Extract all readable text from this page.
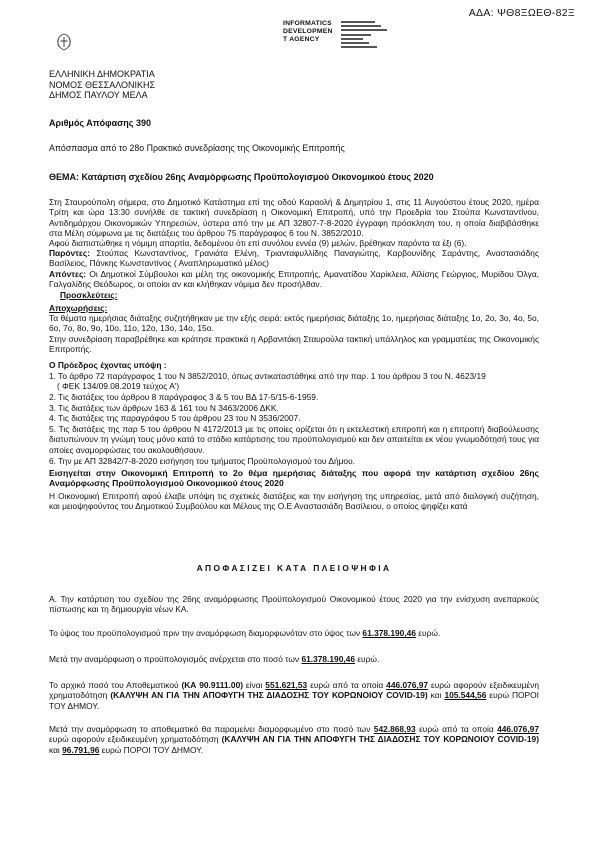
ΑΔΑ: ΨΘ8ΞΩΕΘ-82Ξ
INFORMATICS
DEVELOPMEN
T AGENCY
ΕΛΛΗΝΙΚΗ ΔΗΜΟΚΡΑΤΙΑ
ΝΟΜΟΣ ΘΕΣΣΑΛΟΝΙΚΗΣ
ΔΗΜΟΣ ΠΑΥΛΟΥ ΜΕΛΑ
Αριθμός Απόφασης 390
Απόσπασμα από το 28ο Πρακτικό συνεδρίασης της Οικονομικής Επιτροπής
ΘΕΜΑ: Κατάρτιση σχεδίου 26ης Αναμόρφωσης Προϋπολογισμού Οικονομικού έτους 2020
Στη Σταυρούπολη σήμερα, στο Δημοτικό Κατάστημα επί της οδού Καραολή & Δημητρίου 1, στις 11 Αυγούστου έτους 2020, ημέρα Τρίτη και ώρα 13:30 συνήλθε σε τακτική συνεδρίαση η Οικονομική Επιτροπή, υπό την Προεδρία του Στούπα Κωνσταντίνου, Αντιδημάρχου Οικονομικών Υπηρεσιών, ύστερα από την με ΑΠ 32807-7-8-2020 έγγραφη πρόσκληση του, η οποία διαβιβάσθηκε στα Μέλη σύμφωνα με τις διατάξεις του άρθρου 75 παράγραφος 6 του Ν. 3852/2010.
Αφού διαπιστώθηκε η νόμιμη απαρτία, δεδομένου ότι επί συνόλου εννέα (9) μελών, βρέθηκαν παρόντα τα έξι (6).
Παρόντες: Στούπας Κωνσταντίνος, Γρανιάτα Ελένη, Τριανταφυλλίδης Παναγιώτης, Καρβουνίδης Σαράντης, Αναστασιάδης Βασίλειος, Πάνκης Κωνσταντίνος ( Αναπληρωματικό μέλος)
Απόντες: Οι Δημοτικοί Σύμβουλοι και μέλη της οικονομικής Επιτροπής, Αμανατίδου Χαρίκλεια, Αϊλίσης Γεώργιος, Μυρίδου Όλγα, Γαλγαλίδης Θεόδωρος, οι οποίοι αν και κλήθηκαν νόμιμα δεν προσήλθαν.
Προσκλεύτεις:
Αποχωρήσεις:
Τα θέματα ημερήσιας διάταξης συζητήθηκαν με την εξής σειρά: εκτός ημερήσιας διάταξης 1ο, ημερήσιας διάταξης 1ο, 2ο, 3ο, 4ο, 5ο, 6ο, 7ο, 8ο, 9ο, 10ο, 11ο, 12ο, 13ο, 14ο, 15ο.
Στην συνεδρίαση παραβρέθηκε και κράτησε πρακτικά η Αρβανιτάκη Σταυρούλα τακτική υπάλληλος και γραμματέας της Οικονομικής Επιτροπής.
Ο Πρόεδρος έχοντας υπόψη :
1. Το άρθρο 72 παράγραφος 1 του Ν 3852/2010, όπως αντικαταστάθηκε από την παρ. 1 του άρθρου 3 του Ν. 4623/19
( ΦΕΚ 134/09.08.2019 τεύχος Α')
2. Τις διατάξεις του άρθρου 8 παράγραφος 3 & 5 του ΒΔ 17-5/15-6-1959.
3. Τις διατάξεις των άρθρων 163 & 161 του Ν 3463/2006 ΔΚΚ.
4. Τις διατάξεις της παραγράφου 5 του άρθρου 23 του Ν 3536/2007.
5. Τις διατάξεις της παρ 5 του άρθρου Ν 4172/2013 με τις οποίες ορίζεται ότι η εκτελεστική επιτροπή και η επιτροπή διαβούλευσης διατυπώνουν τη γνώμη τους μόνο κατά το στάδιο κατάρτισης του προϋπολογισμού και δεν απαιτείται εκ νέου γνωμοδότησή τους για οποίες αναμορφώσεις του ακολουθήσουν.
6. Την με ΑΠ 32842/7-8-2020 εισήγηση του τμήματος Προϋπολογισμού του Δήμου.
Εισηγείται στην Οικονομική Επιτροπή το 2ο θέμα ημερήσιας διάταξης που αφορά την κατάρτιση σχεδίου 26ης Αναμόρφωσης Προϋπολογισμού Οικονομικού έτους 2020
Η Οικονομική Επιτροπή αφού έλαβε υπόψη τις σχετικές διατάξεις και την εισήγηση της υπηρεσίας, μετά από διαλογική συζήτηση, και μειοψηφούντος του Δημοτικού Συμβούλου και Μέλους της Ο.Ε Αναστασιάδη Βασίλειου, ο οποίος ψηφίζει κατά
ΑΠΟΦΑΣΙΖΕΙ ΚΑΤΑ ΠΛΕΙΟΨΗΦΙΑ
Α. Την κατάρτιση του σχεδίου της 26ης αναμόρφωσης Προϋπολογισμού Οικονομικού έτους 2020 για την ενίσχυση ανεπαρκούς πίστωσης και τη δημιουργία νέων ΚΑ.
Το ύψος του προϋπολογισμού πριν την αναμόρφωση διαμορφωνόταν στο ύψος των 61.378.190,46 ευρώ.
Μετά την αναμόρφωση ο προϋπολογισμός ανέρχεται στο ποσό των 61.378.190,46 ευρώ.
Το αρχικό ποσό του Αποθεματικού (ΚΑ 90.9111.00) είναι 551.621,53 ευρώ από τα οποία 446.076,97 ευρώ αφορούν εξειδικευμένη χρηματοδότηση (ΚΑΛΥΨΗ ΑΝ ΓΙΑ ΤΗΝ ΑΠΟΦΥΓΗ ΤΗΣ ΔΙΑΔΟΣΗΣ ΤΟΥ ΚΟΡΩΝΟΙΟΥ COVID-19) και 105.544,56 ευρώ ΠΟΡΟΙ ΤΟΥ ΔΗΜΟΥ.
Μετά την αναμόρφωση το αποθεματικό θα παραμείνει διαμορφωμένο στο ποσό των 542.868,93 ευρώ από τα οποία 446.076,97 ευρώ αφορούν εξειδικευμένη χρηματοδότηση (ΚΑΛΥΨΗ ΑΝ ΓΙΑ ΤΗΝ ΑΠΟΦΥΓΗ ΤΗΣ ΔΙΑΔΟΣΗΣ ΤΟΥ ΚΟΡΩΝΟΙΟΥ COVID-19) και 96.791,96 ευρώ ΠΟΡΟΙ ΤΟΥ ΔΗΜΟΥ.
